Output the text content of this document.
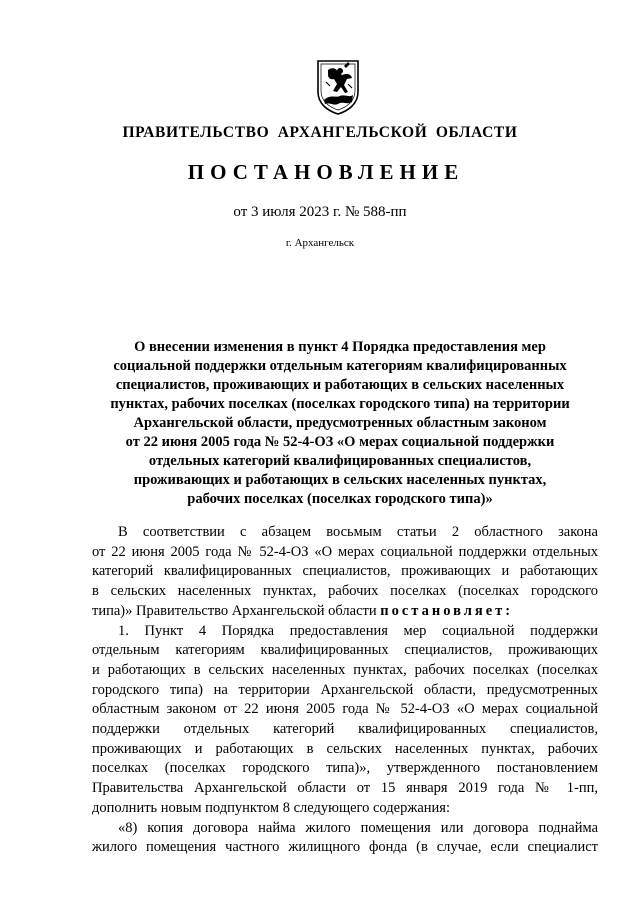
ПРАВИТЕЛЬСТВО АРХАНГЕЛЬСКОЙ ОБЛАСТИ
ПОСТАНОВЛЕНИЕ
от 3 июля 2023 г. № 588-пп
г. Архангельск
О внесении изменения в пункт 4 Порядка предоставления мер
социальной поддержки отдельным категориям квалифицированных
специалистов, проживающих и работающих в сельских населенных
пунктах, рабочих поселках (поселках городского типа) на территории
Архангельской области, предусмотренных областным законом
от 22 июня 2005 года № 52-4-ОЗ «О мерах социальной поддержки
отдельных категорий квалифицированных специалистов,
проживающих и работающих в сельских населенных пунктах,
рабочих поселках (поселках городского типа)»
В соответствии с абзацем восьмым статьи 2 областного закона
от 22 июня 2005 года № 52-4-ОЗ «О мерах социальной поддержки отдельных
категорий квалифицированных специалистов, проживающих и работающих
в сельских населенных пунктах, рабочих поселках (поселках городского
типа)» Правительство Архангельской области постановляет:
1. Пункт 4 Порядка предоставления мер социальной поддержки
отдельным категориям квалифицированных специалистов, проживающих
и работающих в сельских населенных пунктах, рабочих поселках (поселках
городского типа) на территории Архангельской области, предусмотренных
областным законом от 22 июня 2005 года № 52-4-ОЗ «О мерах социальной
поддержки отдельных категорий квалифицированных специалистов,
проживающих и работающих в сельских населенных пунктах, рабочих
поселках (поселках городского типа)», утвержденного постановлением
Правительства Архангельской области от 15 января 2019 года № 1-пп,
дополнить новым подпунктом 8 следующего содержания:
«8) копия договора найма жилого помещения или договора поднайма
жилого помещения частного жилищного фонда (в случае, если специалист
